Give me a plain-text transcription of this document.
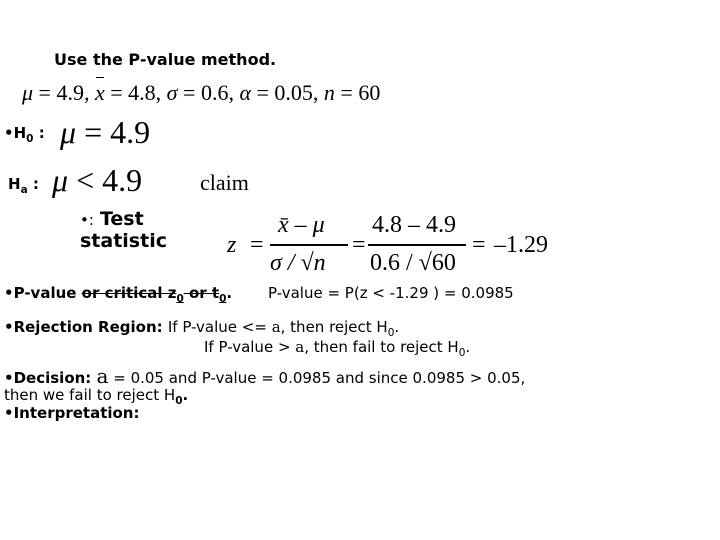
Use the P-value method.
μ = 4.9, x = 4.8, σ = 0.6, α = 0.05, n = 60
$•H_0$ : μ = 4.9
$H_a$ : μ < 4.9	claim
•: Test
statistic	z =
x̄ – μ
σ / √n
=
4.8 – 4.9
0.6 / √60
= –1.29
•P-value or critical $z_0$ or $t_0$. P-value = P(z < -1.29 ) = 0.0985
•Rejection Region: If P-value <= a, then reject $H_0$.
If P-value > a, then fail to reject $H_0$.
•Decision: a = 0.05 and P-value = 0.0985 and since 0.0985 > 0.05,
then we fail to reject $H_0$.
•Interpretation:
